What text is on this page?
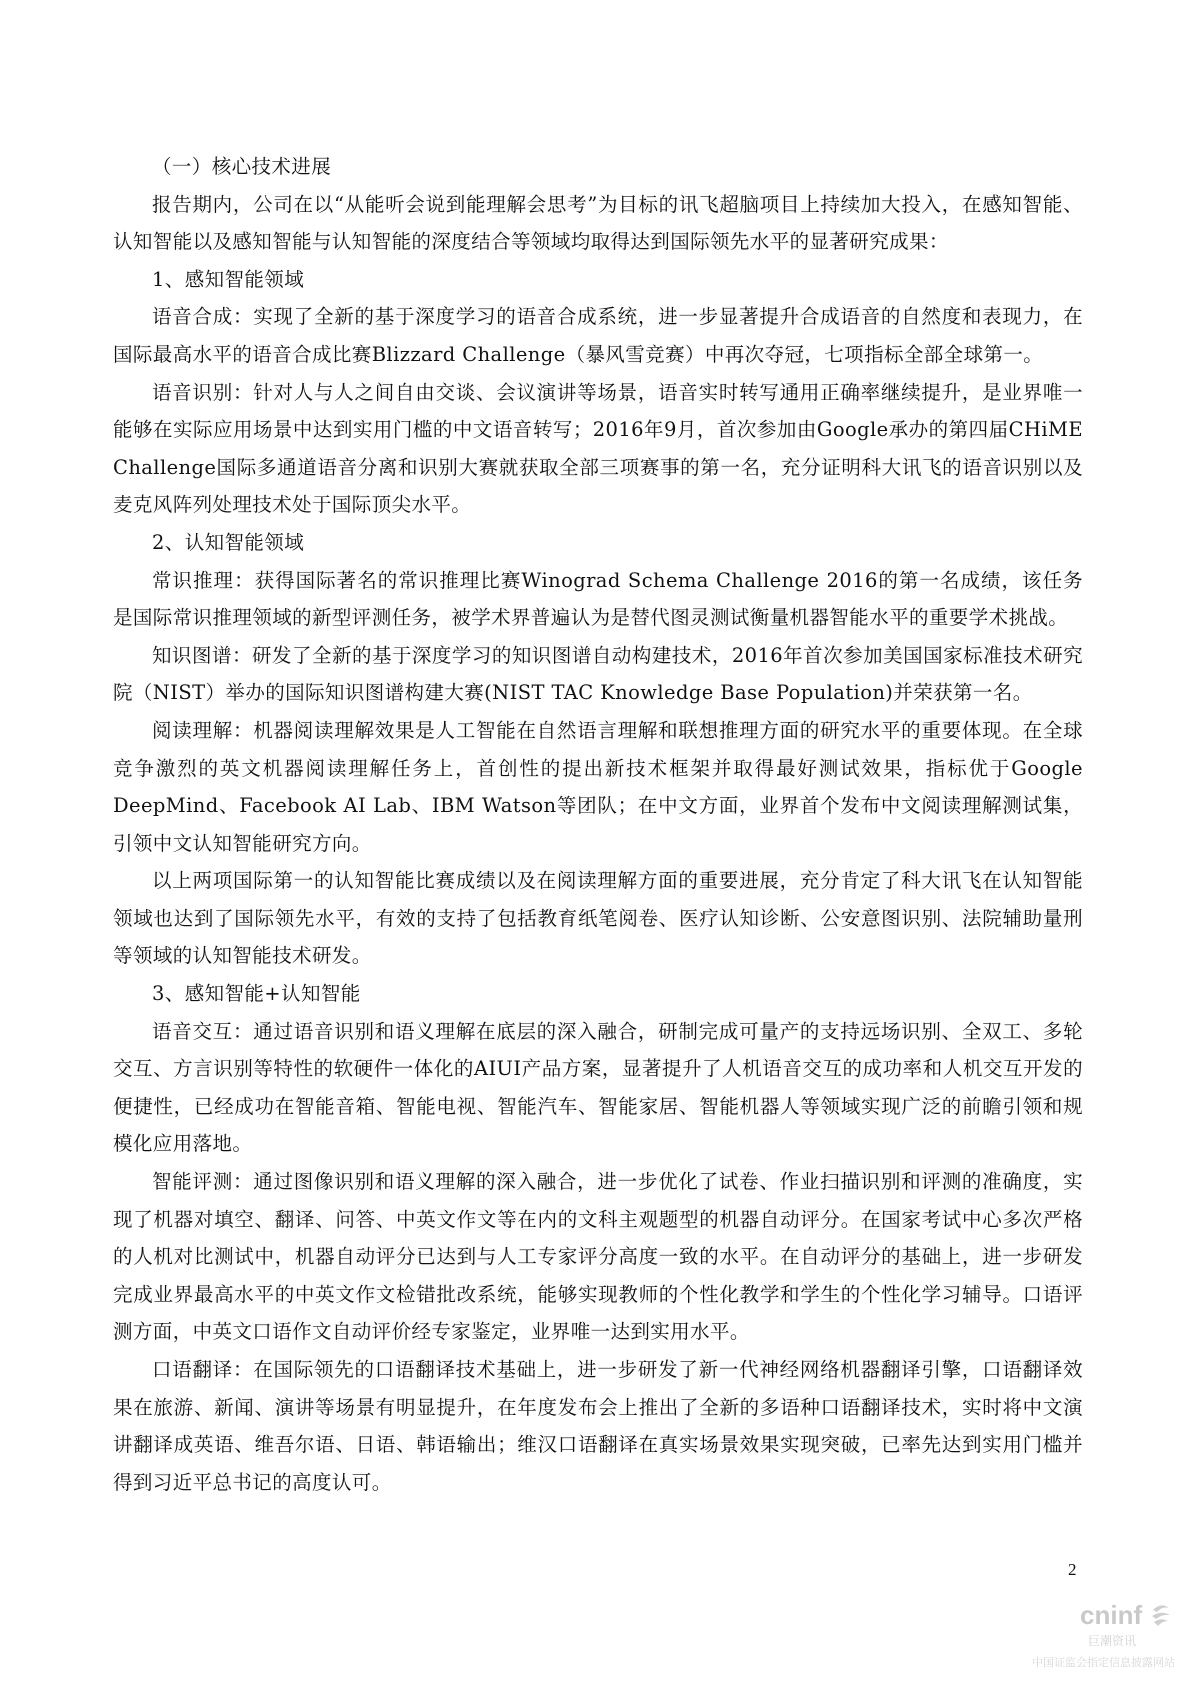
（一）核心技术进展

报告期内，公司在以“从能听会说到能理解会思考”为目标的讯飞超脑项目上持续加大投入，在感知智能、认知智能以及感知智能与认知智能的深度结合等领域均取得达到国际领先水平的显著研究成果：

1、感知智能领域

语音合成：实现了全新的基于深度学习的语音合成系统，进一步显著提升合成语音的自然度和表现力，在国际最高水平的语音合成比赛Blizzard Challenge（暴风雪竞赛）中再次夺冠，七项指标全部全球第一。

语音识别：针对人与人之间自由交谈、会议演讲等场景，语音实时转写通用正确率继续提升，是业界唯一能够在实际应用场景中达到实用门槛的中文语音转写；2016年9月，首次参加由Google承办的第四届CHiME Challenge国际多通道语音分离和识别大赛就获取全部三项赛事的第一名，充分证明科大讯飞的语音识别以及麦克风阵列处理技术处于国际顶尖水平。

2、认知智能领域

常识推理：获得国际著名的常识推理比赛Winograd Schema Challenge 2016的第一名成绩，该任务是国际常识推理领域的新型评测任务，被学术界普遍认为是替代图灵测试衡量机器智能水平的重要学术挑战。

知识图谱：研发了全新的基于深度学习的知识图谱自动构建技术，2016年首次参加美国国家标准技术研究院（NIST）举办的国际知识图谱构建大赛(NIST TAC Knowledge Base Population)并荣获第一名。

阅读理解：机器阅读理解效果是人工智能在自然语言理解和联想推理方面的研究水平的重要体现。在全球竞争激烈的英文机器阅读理解任务上，首创性的提出新技术框架并取得最好测试效果，指标优于Google DeepMind、Facebook AI Lab、IBM Watson等团队；在中文方面，业界首个发布中文阅读理解测试集，引领中文认知智能研究方向。

以上两项国际第一的认知智能比赛成绩以及在阅读理解方面的重要进展，充分肯定了科大讯飞在认知智能领域也达到了国际领先水平，有效的支持了包括教育纸笔阅卷、医疗认知诊断、公安意图识别、法院辅助量刑等领域的认知智能技术研发。

3、感知智能+认知智能

语音交互：通过语音识别和语义理解在底层的深入融合，研制完成可量产的支持远场识别、全双工、多轮交互、方言识别等特性的软硬件一体化的AIUI产品方案，显著提升了人机语音交互的成功率和人机交互开发的便捷性，已经成功在智能音箱、智能电视、智能汽车、智能家居、智能机器人等领域实现广泛的前瞻引领和规模化应用落地。

智能评测：通过图像识别和语义理解的深入融合，进一步优化了试卷、作业扫描识别和评测的准确度，实现了机器对填空、翻译、问答、中英文作文等在内的文科主观题型的机器自动评分。在国家考试中心多次严格的人机对比测试中，机器自动评分已达到与人工专家评分高度一致的水平。在自动评分的基础上，进一步研发完成业界最高水平的中英文作文检错批改系统，能够实现教师的个性化教学和学生的个性化学习辅导。口语评测方面，中英文口语作文自动评价经专家鉴定，业界唯一达到实用水平。

口语翻译：在国际领先的口语翻译技术基础上，进一步研发了新一代神经网络机器翻译引擎，口语翻译效果在旅游、新闻、演讲等场景有明显提升，在年度发布会上推出了全新的多语种口语翻译技术，实时将中文演讲翻译成英语、维吾尔语、日语、韩语输出；维汉口语翻译在真实场景效果实现突破，已率先达到实用门槛并得到习近平总书记的高度认可。

2
cninf
巨潮资讯
中国证监会指定信息披露网站
